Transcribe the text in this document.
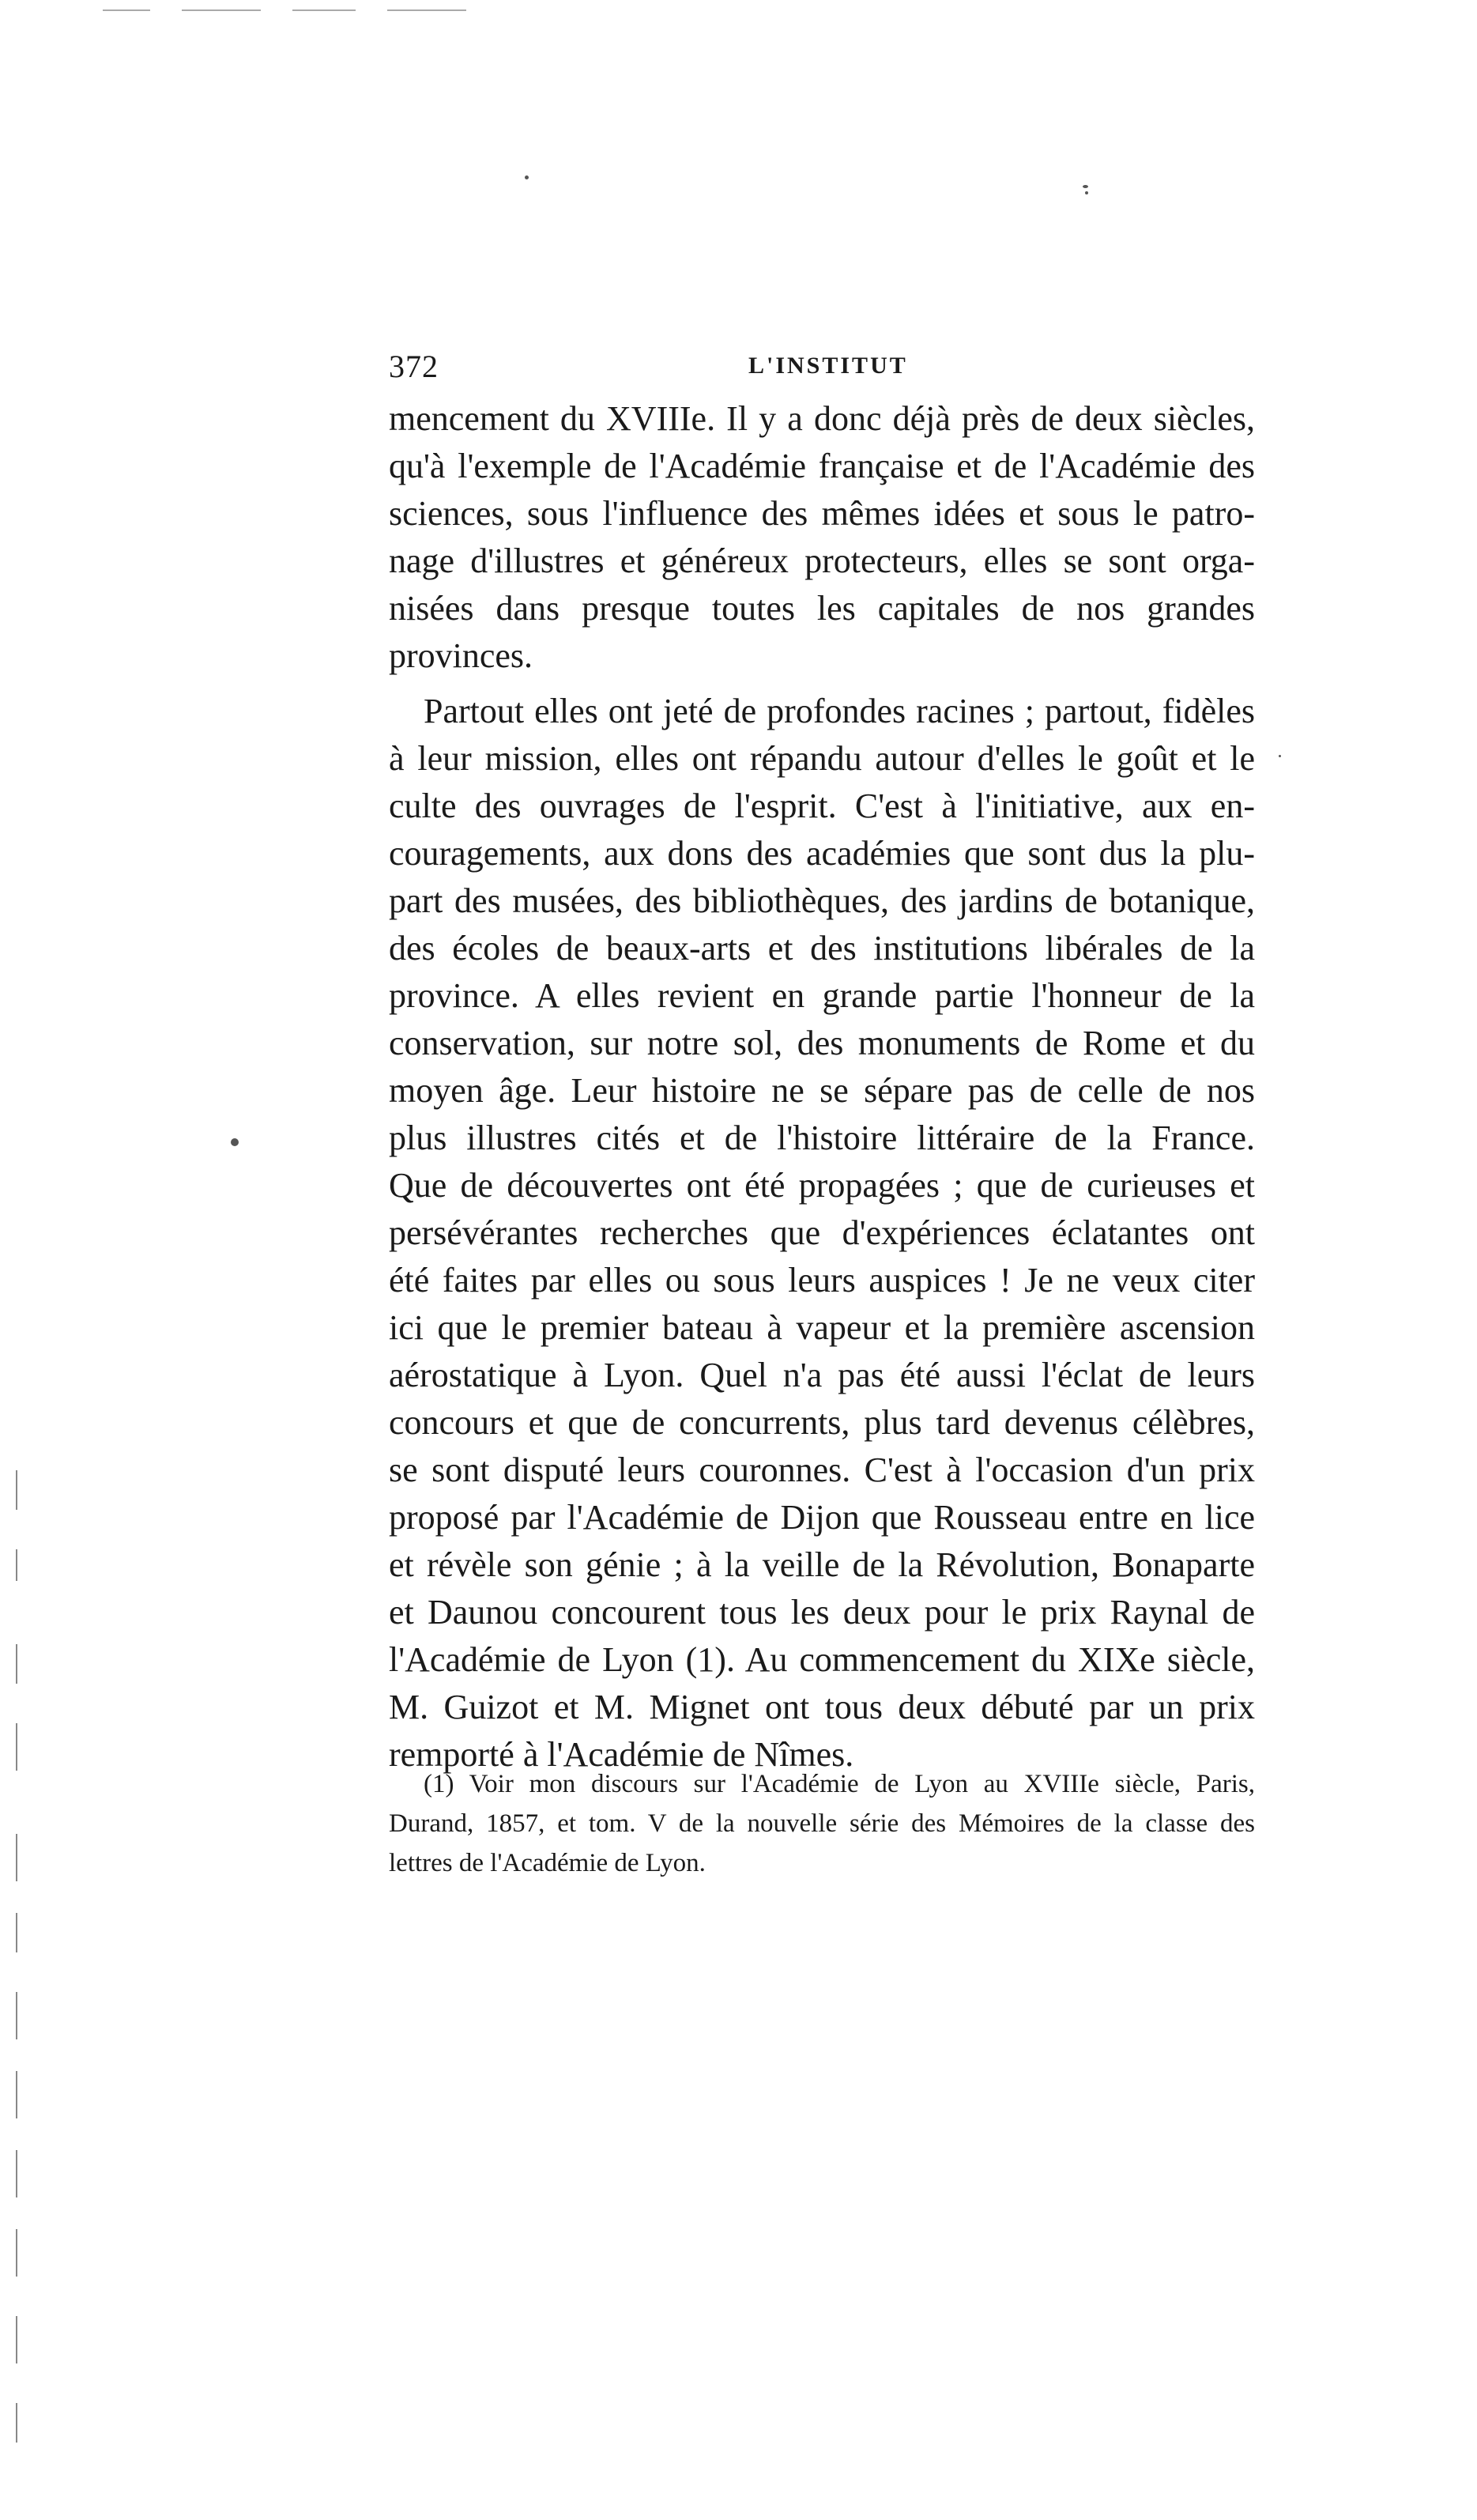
372	L'INSTITUT
mencement du XVIIIe. Il y a donc déjà près de deux siècles,
qu'à l'exemple de l'Académie française et de l'Académie des
sciences, sous l'influence des mêmes idées et sous le patro-
nage d'illustres et généreux protecteurs, elles se sont orga-
nisées dans presque toutes les capitales de nos grandes
provinces.
Partout elles ont jeté de profondes racines ; partout, fidèles
à leur mission, elles ont répandu autour d'elles le goût et le
culte des ouvrages de l'esprit. C'est à l'initiative, aux en-
couragements, aux dons des académies que sont dus la plu-
part des musées, des bibliothèques, des jardins de botanique,
des écoles de beaux-arts et des institutions libérales de la
province. A elles revient en grande partie l'honneur de la
conservation, sur notre sol, des monuments de Rome et du
moyen âge. Leur histoire ne se sépare pas de celle de nos
plus illustres cités et de l'histoire littéraire de la France.
Que de découvertes ont été propagées ; que de curieuses et
persévérantes recherches que d'expériences éclatantes ont
été faites par elles ou sous leurs auspices ! Je ne veux citer
ici que le premier bateau à vapeur et la première ascension
aérostatique à Lyon. Quel n'a pas été aussi l'éclat de leurs
concours et que de concurrents, plus tard devenus célèbres,
se sont disputé leurs couronnes. C'est à l'occasion d'un prix
proposé par l'Académie de Dijon que Rousseau entre en lice
et révèle son génie ; à la veille de la Révolution, Bonaparte
et Daunou concourent tous les deux pour le prix Raynal de
l'Académie de Lyon (1). Au commencement du XIXe siècle,
M. Guizot et M. Mignet ont tous deux débuté par un prix
remporté à l'Académie de Nîmes.
(1) Voir mon discours sur l'Académie de Lyon au XVIIIe siècle, Paris,
Durand, 1857, et tom. V de la nouvelle série des Mémoires de la classe des
lettres de l'Académie de Lyon.
